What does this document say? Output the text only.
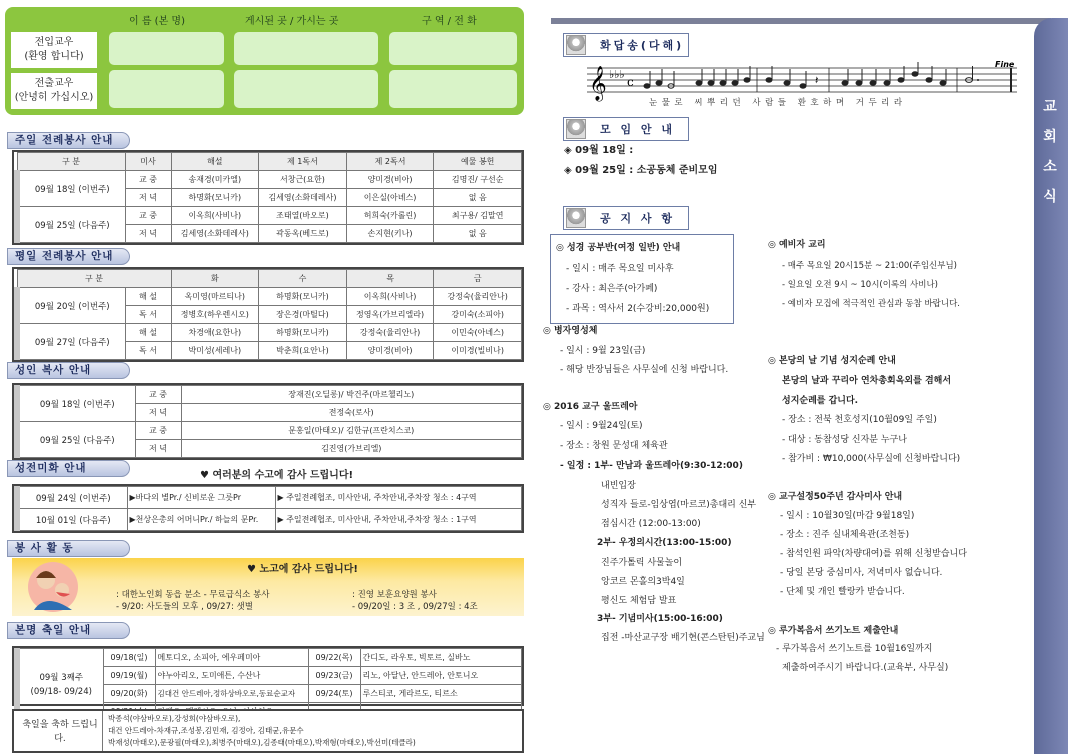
이 름 (본 명)	게시된 곳 / 가시는 곳	구 역 / 전 화
전입교우
(환영 합니다)
전출교우
(안녕히 가십시오)
주일 전례봉사 안내
구 분	미사	해설	제 1독서	제 2독서	예물 봉헌
09월 18일 (이번주)	교 중	송재경(미카엘)	서창근(요한)	양미경(비아)	김명진/ 구선순
	저 녁	하명화(모니카)	김세영(소화데레사)	이은실(아녜스)	없 음
09월 25일 (다음주)	교 중	이옥희(사비나)	조태열(바오로)	허희숙(카롤린)	최구용/ 김말연
	저 녁	김세영(소화데레사)	곽동옥(베드로)	손지현(키나)	없 음
평일 전례봉사 안내
구 분		화	수	목	금
09월 20일 (이번주)	해 설	옥미영(마르티나)	하명화(모니카)	이옥희(사비나)	강정숙(율리안나)
	독 서	정병호(하우렌시오)	장은경(마틸다)	정영옥(가브리엘라)	강미숙(소피아)
09월 27일 (다음주)	해 설	차경애(요한나)	하명화(모니카)	강정숙(율리안나)	이민숙(아녜스)
	독 서	박미성(세레나)	박춘희(요안나)	양미경(비아)	이미경(빌비나)
성인 복사 안내
09월 18일 (이번주)	교 중	장재진(오딜롱)/ 박건주(마르첼리노)
	저 녁	전정숙(로사)
09월 25일 (다음주)	교 중	문홍일(마태오)/ 김한규(프란치스코)
	저 녁	김진영(가브리엘)
성전미화 안내
♥ 여러분의 수고에 감사 드립니다!
09월 24일 (이번주)	▶바다의 별Pr./ 신비로운 그릇Pr	▶ 주일전례협조, 미사안내, 주차안내,주차장 청소 : 4구역
10월 01일 (다음주)	▶천상은총의 어머니Pr./ 하늘의 문Pr.	▶ 주일전례협조, 미사안내, 주차안내,주차장 청소 : 1구역
봉 사 활 동
♥ 노고에 감사 드립니다!
: 대한노인회 동읍 분소 - 무료급식소 봉사
- 9/20: 사도들의 모후 , 09/27: 샛별
: 진영 보훈요양원 봉사
- 09/20일 : 3 조 , 09/27일 : 4조
본명 축일 안내
09월 3째주
(09/18- 09/24)	09/18(일)	메토디오, 소피아, 에우페미아	09/22(목)	간디도, 라우토, 빅토르, 실바노
	09/19(월)	야누아리오, 도미애튼, 수산나	09/23(금)	리노, 아달난, 안드레아, 안토니오
	09/20(화)	김대건 안드레아,정하상바오로,동료순교자	09/24(토)	루스티코, 게라르도, 티르소

축일을 축하 드립니다.
박종석(야삼바오로),강성희(야삼바오로),
대건 안드레아-차재규,조성봉,김민재, 김정아, 김태균,유문수
박재성(마태오),문광필(마태오),최병주(마태오),김종태(마태오),박재형(마태오),박선미(테클라)
교회소식
화답송(다해)
𝄞 ♭♭♭
c	𝄽
Fine
눈물로 씨뿌리던 사람들 환호하며 거두리라
모 임 안 내
◈ 09월 18일 :
◈ 09월 25일 : 소공동체 준비모임
공 지 사 항
◎ 성경 공부반(여정 일반) 안내
- 일시 : 매주 목요일 미사후
- 강사 : 최은주(아가페)
- 과목 : 역사서 2(수강비:20,000원)
◎ 병자영성체
- 일시 : 9월 23일(금)
- 해당 반장님들은 사무실에 신청 바랍니다.
◎ 2016 교구 울뜨레아
- 일시 : 9월24일(토)
- 장소 : 창원 문성대 체육관
- 일정 : 1부- 만남과 울뜨레아(9:30-12:00)
내빈입장
성직자 들로-임상엽(마르코)총대리 신부
점심시간 (12:00-13:00)
2부- 우정의시간(13:00-15:00)
진주가톨릭 사물놀이
앙코르 몬홀의3박4일
평신도 체험담 발표
3부- 기념미사(15:00-16:00)
집전 -마산교구장 배기현(콘스탄틴)주교님
◎ 예비자 교리
- 매주 목요일 20시15분 ~ 21:00(주임신부님)
- 일요일 오전 9시 ~ 10시(이록의 사비나)
- 예비자 모집에 적극적인 관심과 동참 바랍니다.
◎ 본당의 날 기념 성지순례 안내
본당의 날과 꾸리아 연차총회옥외를 겸해서
성지순례를 갑니다.
- 장소 : 전북 천호성지(10월09일 주일)
- 대상 : 동참성당 신자분 누구나
- 참가비 : ₩10,000(사무실에 신청바랍니다)
◎ 교구설정50주년 감사미사 안내
- 일시 : 10월30일(마감 9월18일)
- 장소 : 진주 실내체육관(조천동)
- 참석인원 파악(차량대여)를 위해 신청받습니다
- 당일 본당 중심미사, 저녁미사 없습니다.
- 단체 및 개인 빨랑카 받습니다.
◎ 루가복음서 쓰기노트 제출안내
- 루가복음서 쓰기노트를 10월16일까지
제출하여주시기 바랍니다.(교육부, 사무실)
